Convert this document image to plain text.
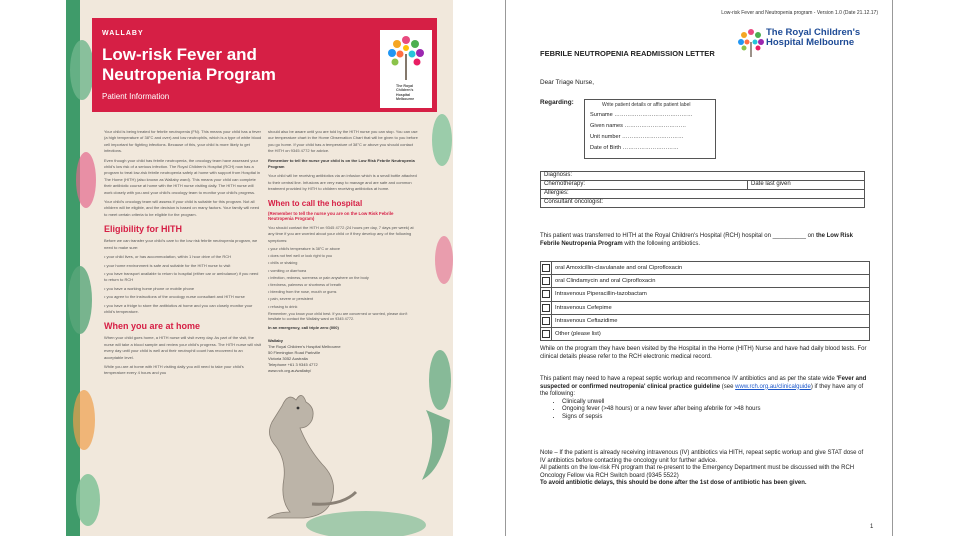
WALLABY
Low-risk Fever and Neutropenia Program
Patient Information
The Royal Children's Hospital Melbourne

Your child is being treated for febrile neutropenia (FN). This means your child has a fever (a high temperature of 38°C and over) and low neutrophils, which is a type of white blood cell important for fighting infections. Because of this, your child is more likely to get infections.

Even though your child has febrile neutropenia, the oncology team have assessed your child's low risk of a serious infection. The Royal Children's Hospital (RCH) now has a program to treat low-risk febrile neutropenia safely at home with support from Hospital in The Home (HITH) (also known as Wallaby ward). This means your child can complete their antibiotic course at home with the HITH nurse visiting daily. The HITH nurse will work closely with you and your child's oncology team to monitor your child's progress.

Your child's oncology team will assess if your child is suitable for this program. Not all children will be eligible, and the decision is based on many factors. Your family will need to meet certain criteria to be eligible for the program.

Eligibility for HITH

Before we can transfer your child's care to the low risk febrile neutropenia program, we need to make sure:

• your child lives, or has accommodation, within 1 hour drive of the RCH
• your home environment is safe and suitable for the HITH nurse to visit
• you have transport available to return to hospital (either car or ambulance) if you need to return to RCH
• you have a working home phone or mobile phone
• you agree to the instructions of the oncology nurse consultant and HITH nurse
• you have a fridge to store the antibiotics at home and you can closely monitor your child's temperature.
When you are at home

When your child goes home, a HITH nurse will visit every day. As part of the visit, the nurse will take a blood sample and review your child's progress. The HITH nurse will visit every day until your child is well and their neutrophil count has recovered to an acceptable level.

While you are at home with HITH visiting daily you will need to take your child's temperature every 4 hours and you

should also be aware until you are told by the HITH nurse you can stop. You can use our temperature chart in the Home Observation Chart that will be given to you before you go home. If your child has a temperature of 38°C or above you should contact the HITH on 9345 4772 for advice.

Remember to tell the nurse your child is on the Low Risk Febrile Neutropenia Program

Your child will be receiving antibiotics via an infusion which is a small bottle attached to their central line. Infusions are very easy to manage and are safe and common treatment provided by HITH to children receiving antibiotics at home.

When to call the hospital

(Remember to tell the nurse you are on the Low Risk Febrile Neutropenia Program)

You should contact the HITH on 9345 4772 (24 hours per day, 7 days per week) at any time if you are worried about your child or if they develop any of the following symptoms:

• your child's temperature is 38°C or above
• does not feel well or look right to you
• chills or shaking
• vomiting or diarrhoea
• infection, redness, soreness or pain anywhere on the body
• tiredness, paleness or shortness of breath
• bleeding from the nose, mouth or gums
• pain, severe or persistent
• refusing to drink

Remember, you know your child best. If you are concerned or worried, please don't hesitate to contact the Wallaby ward on 9345 4772.

In an emergency, call triple zero (000)

Wallaby
The Royal Children's Hospital Melbourne
50 Flemington Road Parkville
Victoria 3052 Australia
Telephone +61 3 9345 4772
www.rch.org.au/wallaby/
Low-risk Fever and Neutropenia program - Version 1.0 (Date 21.12.17)
The Royal Children's Hospital Melbourne
FEBRILE NEUTROPENIA READMISSION LETTER
Dear Triage Nurse,
Regarding:	Write patient details or affix patient label
Surname ……………………………………
Given names ……………………………
Unit number ……………………………
Date of Birth …………………………
Diagnosis:
Chemotherapy:	Date last given
Allergies:
Consultant oncologist:
This patient was transferred to HITH at the Royal Children's Hospital (RCH) hospital on __________ on the Low Risk Febrile Neutropenia Program with the following antibiotics.
	oral Amoxicillin-clavulanate and oral Ciprofloxacin
	oral Clindamycin and oral Ciprofloxacin
	Intravenous Piperacillin-tazobactam
	Intravenous Cefepime
	Intravenous Ceftazidime
	Other (please list)
While on the program they have been visited by the Hospital in the Home (HITH) Nurse and have had daily blood tests. For clinical details please refer to the RCH electronic medical record.
This patient may need to have a repeat septic workup and recommence IV antibiotics and as per the state wide 'Fever and suspected or confirmed neutropenia' clinical practice guideline (see www.rch.org.au/clinicalguide) if they have any of the following:
• Clinically unwell
• Ongoing fever (>48 hours) or a new fever after being afebrile for >48 hours
• Signs of sepsis

Note – If the patient is already receiving intravenous (IV) antibiotics via HITH, repeat septic workup and give STAT dose of IV antibiotics before contacting the oncology unit for further advice.

All patients on the low-risk FN program that re-present to the Emergency Department must be discussed with the RCH Oncology Fellow via RCH Switch board (9345 5522)

To avoid antibiotic delays, this should be done after the 1st dose of antibiotic has been given.

1
